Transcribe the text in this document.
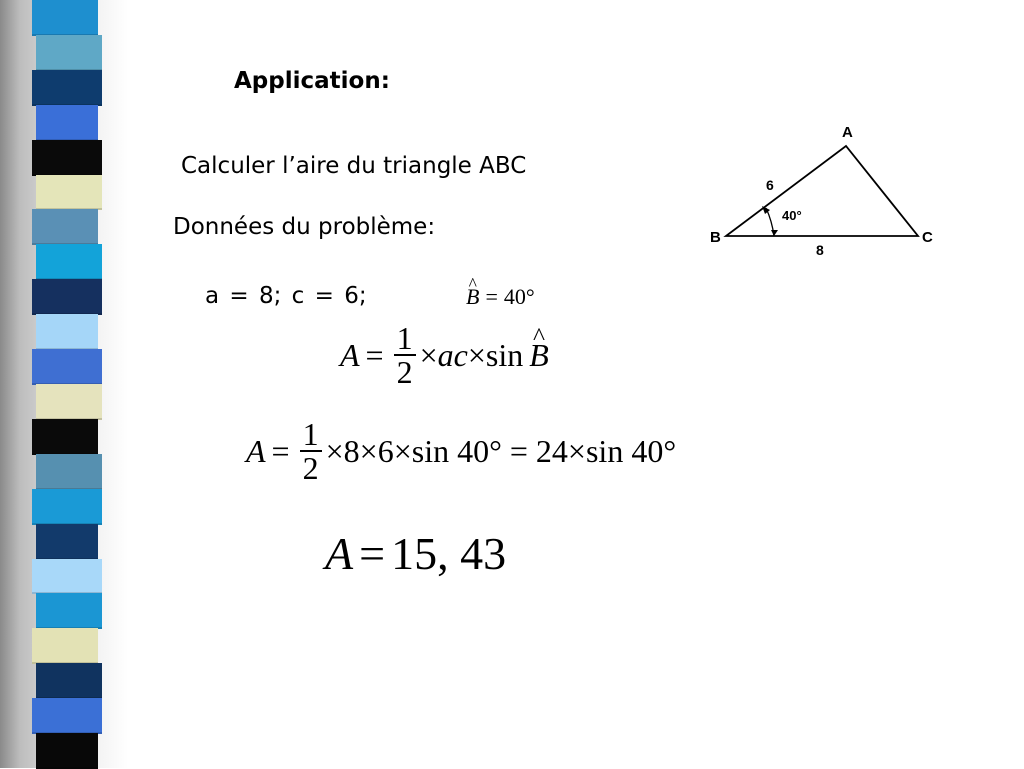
Application:
Calculer l’aire du triangle ABC
Données du problème:
a = 8; c = 6;	^ B = 40°
$A = \frac{1}{2}$ × ac × sin ^ B
$A = \frac{1}{2} \times 8\times 6\times\sin$ 40° = 24×sin 40°
A = 15, 43
A
B	C
6
8
40°
